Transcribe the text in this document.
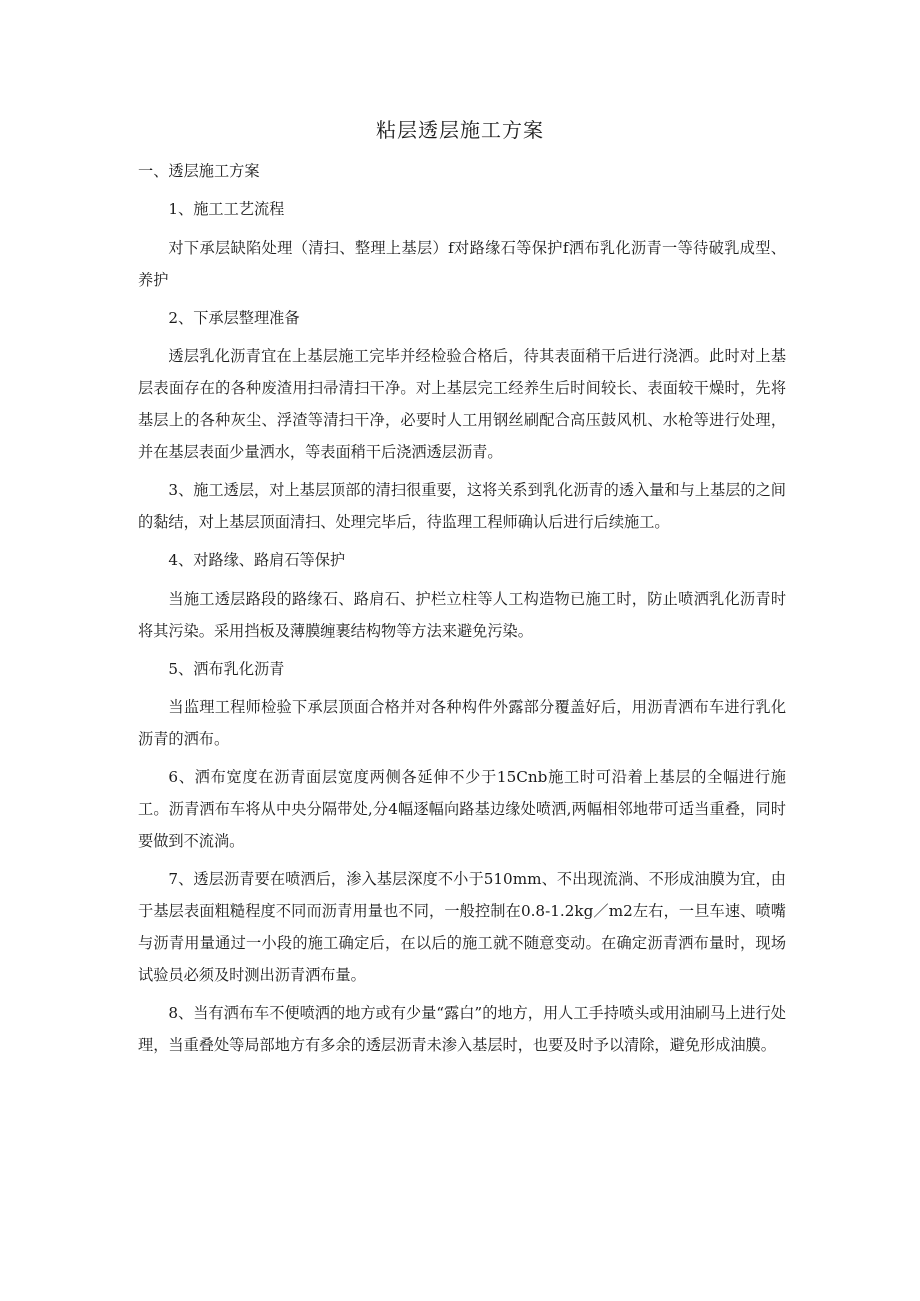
粘层透层施工方案

一、透层施工方案

1、施工工艺流程

对下承层缺陷处理（清扫、整理上基层）f对路缘石等保护f洒布乳化沥青一等待破乳成型、养护

2、下承层整理准备

透层乳化沥青宜在上基层施工完毕并经检验合格后，待其表面稍干后进行浇洒。此时对上基层表面存在的各种废渣用扫帚清扫干净。对上基层完工经养生后时间较长、表面较干燥时，先将基层上的各种灰尘、浮渣等清扫干净，必要时人工用钢丝刷配合高压鼓风机、水枪等进行处理，并在基层表面少量洒水，等表面稍干后浇洒透层沥青。

3、施工透层，对上基层顶部的清扫很重要，这将关系到乳化沥青的透入量和与上基层的之间的黏结，对上基层顶面清扫、处理完毕后，待监理工程师确认后进行后续施工。

4、对路缘、路肩石等保护

当施工透层路段的路缘石、路肩石、护栏立柱等人工构造物已施工时，防止喷洒乳化沥青时将其污染。采用挡板及薄膜缠裹结构物等方法来避免污染。

5、洒布乳化沥青

当监理工程师检验下承层顶面合格并对各种构件外露部分覆盖好后，用沥青洒布车进行乳化沥青的洒布。

6、洒布宽度在沥青面层宽度两侧各延伸不少于15Cnb施工时可沿着上基层的全幅进行施工。沥青洒布车将从中央分隔带处,分4幅逐幅向路基边缘处喷洒,两幅相邻地带可适当重叠，同时要做到不流淌。

7、透层沥青要在喷洒后，渗入基层深度不小于510mm、不出现流淌、不形成油膜为宜，由于基层表面粗糙程度不同而沥青用量也不同，一般控制在0.8-1.2kg／m2左右，一旦车速、喷嘴与沥青用量通过一小段的施工确定后，在以后的施工就不随意变动。在确定沥青洒布量时，现场试验员必须及时测出沥青洒布量。

8、当有洒布车不便喷洒的地方或有少量“露白”的地方，用人工手持喷头或用油刷马上进行处理，当重叠处等局部地方有多余的透层沥青未渗入基层时，也要及时予以清除，避免形成油膜。
